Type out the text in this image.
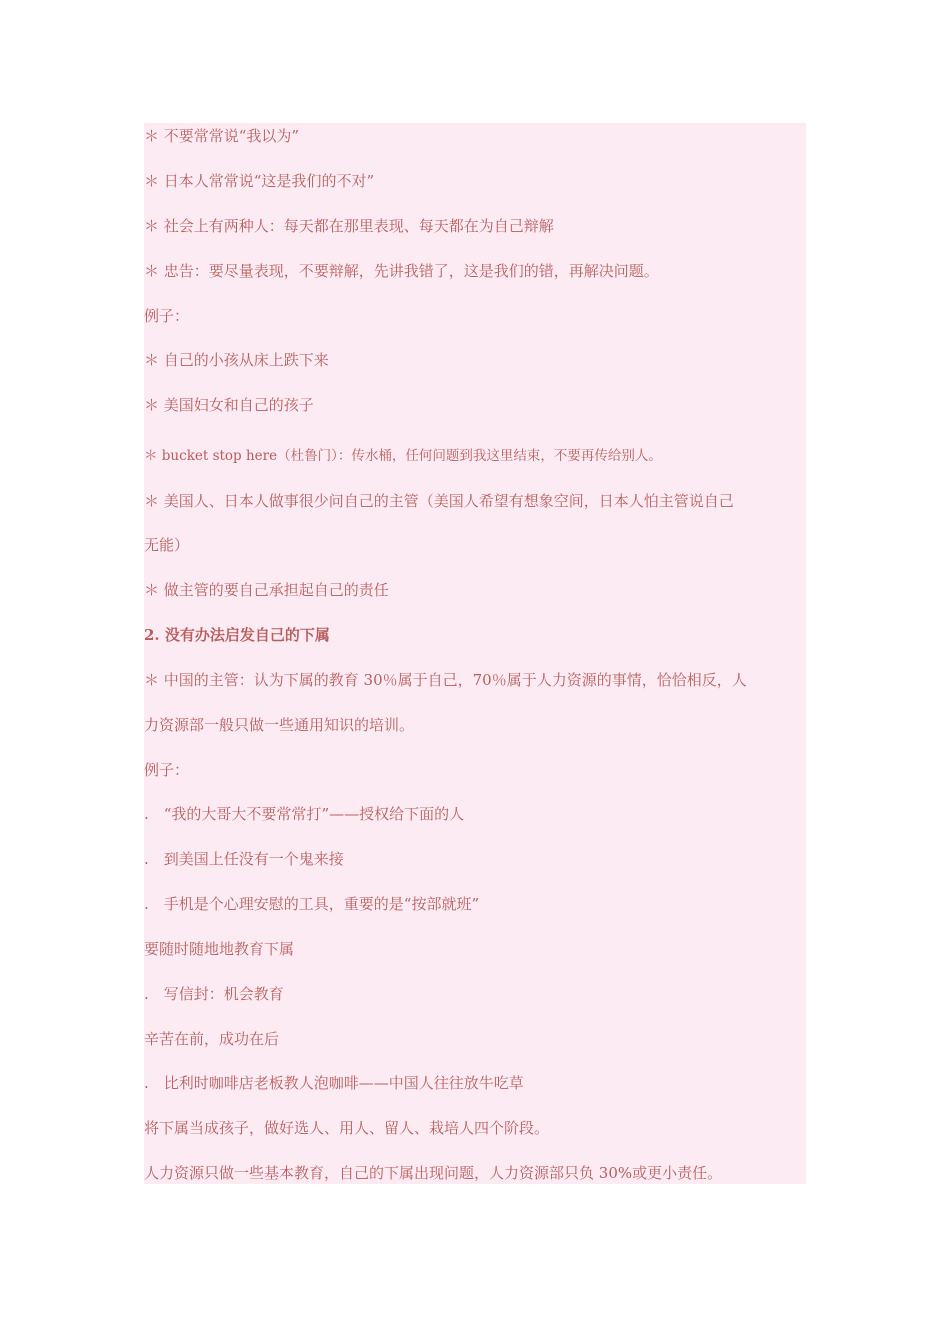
＊ 不要常常说“我以为”
＊ 日本人常常说“这是我们的不对”
＊ 社会上有两种人：每天都在那里表现、每天都在为自己辩解
＊ 忠告：要尽量表现，不要辩解，先讲我错了，这是我们的错，再解决问题。
例子：
＊ 自己的小孩从床上跌下来
＊ 美国妇女和自己的孩子
＊ bucket stop here（杜鲁门）：传水桶，任何问题到我这里结束，不要再传给别人。
＊ 美国人、日本人做事很少问自己的主管（美国人希望有想象空间，日本人怕主管说自己
无能）
＊ 做主管的要自己承担起自己的责任
2. 没有办法启发自己的下属
＊ 中国的主管：认为下属的教育 30％属于自己，70％属于人力资源的事情，恰恰相反，人
力资源部一般只做一些通用知识的培训。
例子：
.　“我的大哥大不要常常打”——授权给下面的人
.　到美国上任没有一个鬼来接
.　手机是个心理安慰的工具，重要的是“按部就班”
要随时随地地教育下属
.　写信封：机会教育
辛苦在前，成功在后
.　比利时咖啡店老板教人泡咖啡——中国人往往放牛吃草
将下属当成孩子，做好选人、用人、留人、栽培人四个阶段。
人力资源只做一些基本教育，自己的下属出现问题，人力资源部只负 30%或更小责任。
